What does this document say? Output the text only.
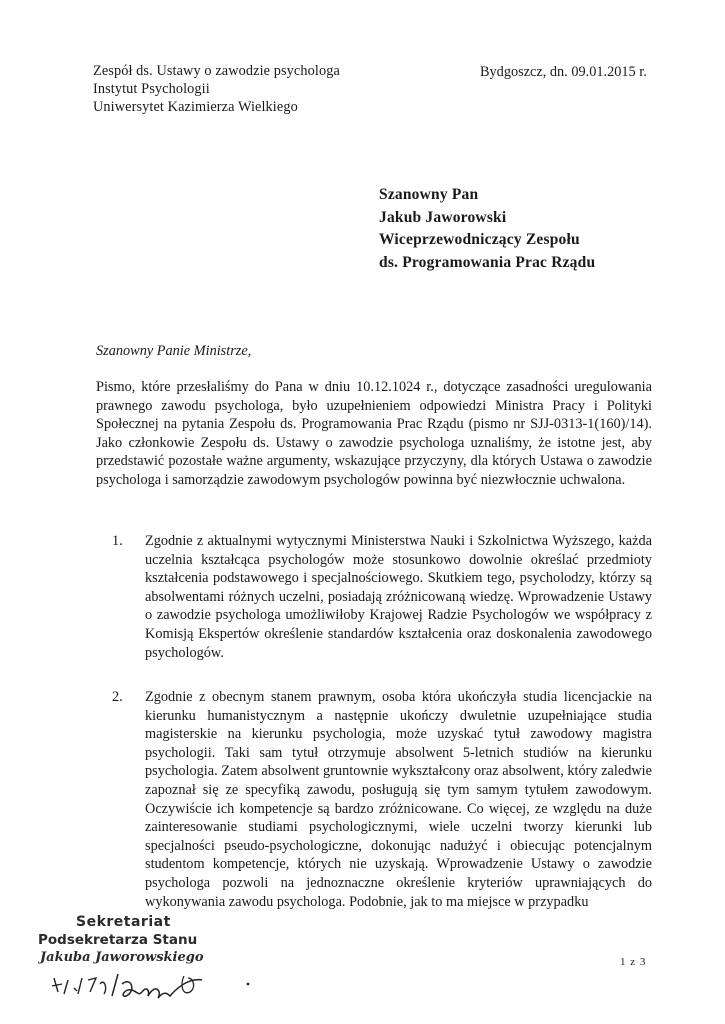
Zespół ds. Ustawy o zawodzie psychologa
Instytut Psychologii
Uniwersytet Kazimierza Wielkiego
Bydgoszcz, dn. 09.01.2015 r.
Szanowny Pan
Jakub Jaworowski
Wiceprzewodniczący Zespołu
ds. Programowania Prac Rządu
Szanowny Panie Ministrze,

Pismo, które przesłaliśmy do Pana w dniu 10.12.1024 r., dotyczące zasadności uregulowania prawnego zawodu psychologa, było uzupełnieniem odpowiedzi Ministra Pracy i Polityki Społecznej na pytania Zespołu ds. Programowania Prac Rządu (pismo nr SJJ-0313-1(160)/14). Jako członkowie Zespołu ds. Ustawy o zawodzie psychologa uznaliśmy, że istotne jest, aby przedstawić pozostałe ważne argumenty, wskazujące przyczyny, dla których Ustawa o zawodzie psychologa i samorządzie zawodowym psychologów powinna być niezwłocznie uchwalona.

1. Zgodnie z aktualnymi wytycznymi Ministerstwa Nauki i Szkolnictwa Wyższego, każda uczelnia kształcąca psychologów może stosunkowo dowolnie określać przedmioty kształcenia podstawowego i specjalnościowego. Skutkiem tego, psycholodzy, którzy są absolwentami różnych uczelni, posiadają zróżnicowaną wiedzę. Wprowadzenie Ustawy o zawodzie psychologa umożliwiłoby Krajowej Radzie Psychologów we współpracy z Komisją Ekspertów określenie standardów kształcenia oraz doskonalenia zawodowego psychologów.
2. Zgodnie z obecnym stanem prawnym, osoba która ukończyła studia licencjackie na kierunku humanistycznym a następnie ukończy dwuletnie uzupełniające studia magisterskie na kierunku psychologia, może uzyskać tytuł zawodowy magistra psychologii. Taki sam tytuł otrzymuje absolwent 5-letnich studiów na kierunku psychologia. Zatem absolwent gruntownie wykształcony oraz absolwent, który zaledwie zapoznał się ze specyfiką zawodu, posługują się tym samym tytułem zawodowym. Oczywiście ich kompetencje są bardzo zróżnicowane. Co więcej, ze względu na duże zainteresowanie studiami psychologicznymi, wiele uczelni tworzy kierunki lub specjalności pseudo-psychologiczne, dokonując nadużyć i obiecując potencjalnym studentom kompetencje, których nie uzyskają. Wprowadzenie Ustawy o zawodzie psychologa pozwoli na jednoznaczne określenie kryteriów uprawniających do wykonywania zawodu psychologa. Podobnie, jak to ma miejsce w przypadku
Sekretariat
Podsekretarza Stanu
Jakuba Jaworowskiego	1 z 3
